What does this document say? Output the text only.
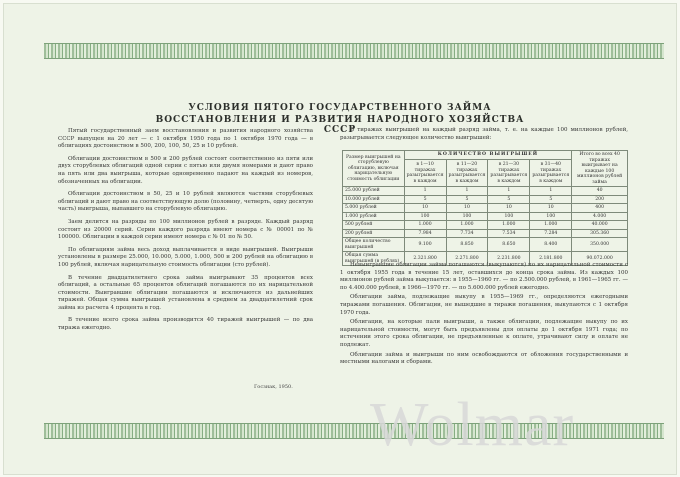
УСЛОВИЯ ПЯТОГО ГОСУДАРСТВЕННОГО ЗАЙМА
ВОССТАНОВЛЕНИЯ И РАЗВИТИЯ НАРОДНОГО ХОЗЯЙСТВА СССР

Пятый государственный заем восстановления и развития народного хозяйства СССР выпущен на 20 лет — с 1 октября 1950 года по 1 октября 1970 года — в облигациях достоинством в 500, 200, 100, 50, 25 и 10 рублей.

Облигации достоинством в 500 и 200 рублей состоят соответственно из пяти или двух сторублевых облигаций одной серии с пятью или двумя номерами и дают право на пять или два выигрыша, которые одновременно падают на каждый из номеров, обозначенных на облигации.

Облигации достоинством в 50, 25 и 10 рублей являются частями сторублевых облигаций и дают право на соответствующую долю (половину, четверть, одну десятую часть) выигрыша, выпавшего на сторублевую облигацию.

Заем делится на разряды по 100 миллионов рублей в разряде. Каждый разряд состоит из 20000 серий. Серии каждого разряда имеют номера с № 00001 по № 100000. Облигации в каждой серии имеют номера с № 01 по № 50.

По облигациям займа весь доход выплачивается в виде выигрышей. Выигрыши установлены в размере 25.000, 10.000, 5.000, 1.000, 500 и 200 рублей на облигацию в 100 рублей, включая нарицательную стоимость облигации (сто рублей).

В течение двадцатилетнего срока займа выигрывают 35 процентов всех облигаций, а остальные 65 процентов облигаций погашаются по их нарицательной стоимости. Выигравшие облигации погашаются и исключаются из дальнейших тиражей. Общая сумма выигрышей установлена в среднем за двадцатилетний срок займа из расчета 4 процента в год.

В течение всего срока займа производится 40 тиражей выигрышей — по два тиража ежегодно.

Госзнак, 1950.

В тиражах выигрышей на каждый разряд займа, т. е. на каждые 100 миллионов рублей, разыгрывается следующее количество выигрышей:

Размер выигрышей на сторублевую облигацию, включая нарицательную стоимость облигации	КОЛИЧЕСТВО ВЫИГРЫШЕЙ				Итого во всех 40 тиражах выигрывает на каждые 100 миллионов рублей займа
	в 1—10 тиражах разыгрывается в каждом	в 11—20 тиражах разыгрывается в каждом	в 21—30 тиражах разыгрывается в каждом	в 31—40 тиражах разыгрывается в каждом	
25.000 рублей	1	1	1	1	40
10.000 рублей	5	5	5	5	200
5.000 рублей	10	10	10	10	400
1.000 рублей	100	100	100	100	4.000
500 рублей	1.000	1.000	1.000	1.000	40.000
200 рублей	7.984	7.734	7.534	7.284	305.360
Общее количество выигрышей	9.100	8.850	8.650	8.400	350.000
Общая сумма выигрышей (в рублях)	2.321.800	2.271.800	2.231.800	2.181.800	90.072.000

Невыигравшие облигации займа погашаются (выкупаются) по их нарицательной стоимости с 1 октября 1955 года в течение 15 лет, оставшихся до конца срока займа. Из каждых 100 миллионов рублей займа выкупается: в 1955—1960 гг. — по 2.500.000 рублей, в 1961—1965 гг. — по 4.400.000 рублей, в 1966—1970 гг. — по 5.600.000 рублей ежегодно.

Облигации займа, подлежащие выкупу в 1955—1969 гг., определяются ежегодными тиражами погашения. Облигации, не вышедшие в тиражи погашения, выкупаются с 1 октября 1970 года.

Облигации, на которые пали выигрыши, а также облигации, подлежащие выкупу по их нарицательной стоимости, могут быть предъявлены для оплаты до 1 октября 1971 года; по истечении этого срока облигации, не предъявленные к оплате, утрачивают силу и оплате не подлежат.

Облигации займа и выигрыши по ним освобождаются от обложения государственными и местными налогами и сборами.

Wolmar
